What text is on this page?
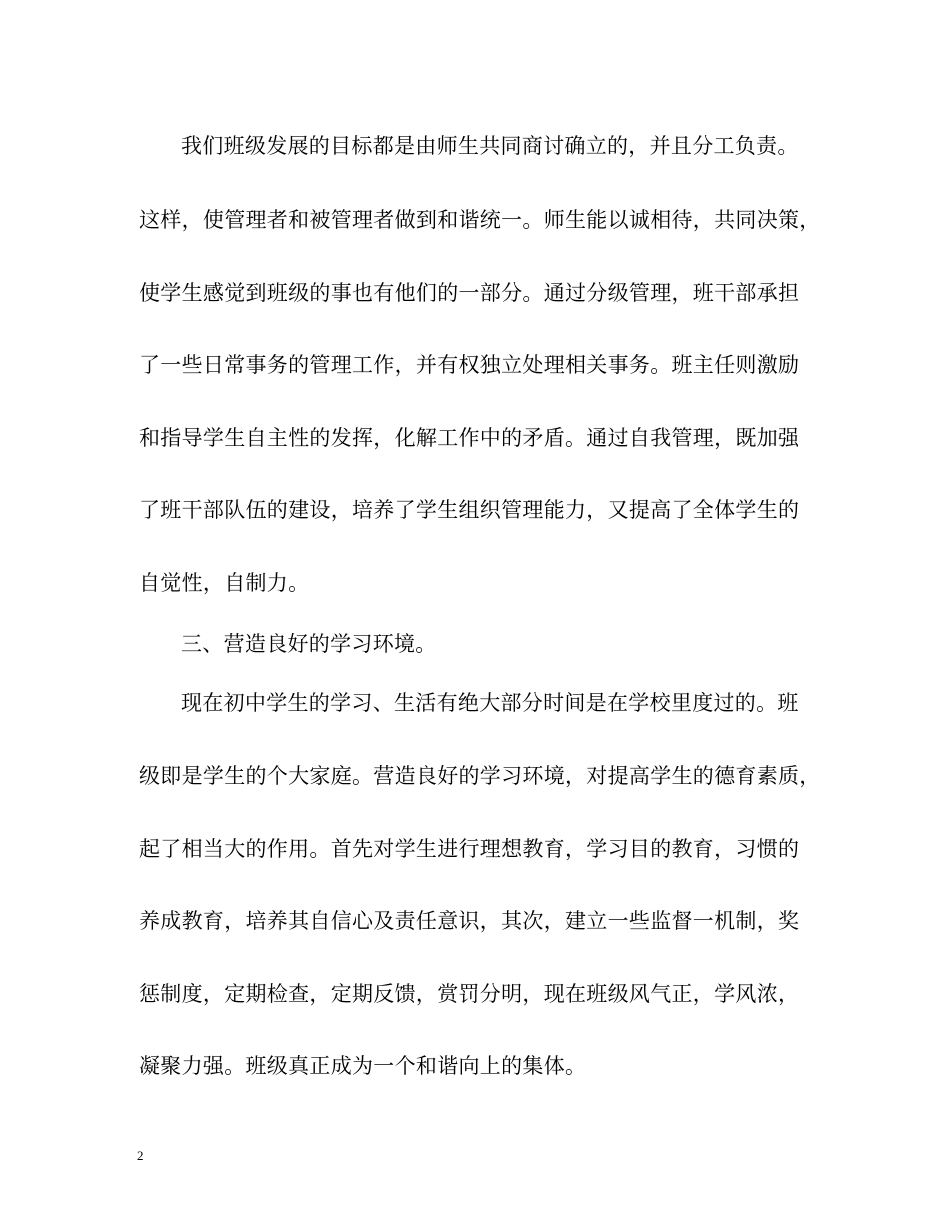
我们班级发展的目标都是由师生共同商讨确立的，并且分工负责。
这样，使管理者和被管理者做到和谐统一。师生能以诚相待，共同决策，
使学生感觉到班级的事也有他们的一部分。通过分级管理，班干部承担
了一些日常事务的管理工作，并有权独立处理相关事务。班主任则激励
和指导学生自主性的发挥，化解工作中的矛盾。通过自我管理，既加强
了班干部队伍的建设，培养了学生组织管理能力，又提高了全体学生的
自觉性，自制力。
三、营造良好的学习环境。
现在初中学生的学习、生活有绝大部分时间是在学校里度过的。班
级即是学生的个大家庭。营造良好的学习环境，对提高学生的德育素质，
起了相当大的作用。首先对学生进行理想教育，学习目的教育，习惯的
养成教育，培养其自信心及责任意识，其次，建立一些监督一机制，奖
惩制度，定期检查，定期反馈，赏罚分明，现在班级风气正，学风浓，
凝聚力强。班级真正成为一个和谐向上的集体。
2
